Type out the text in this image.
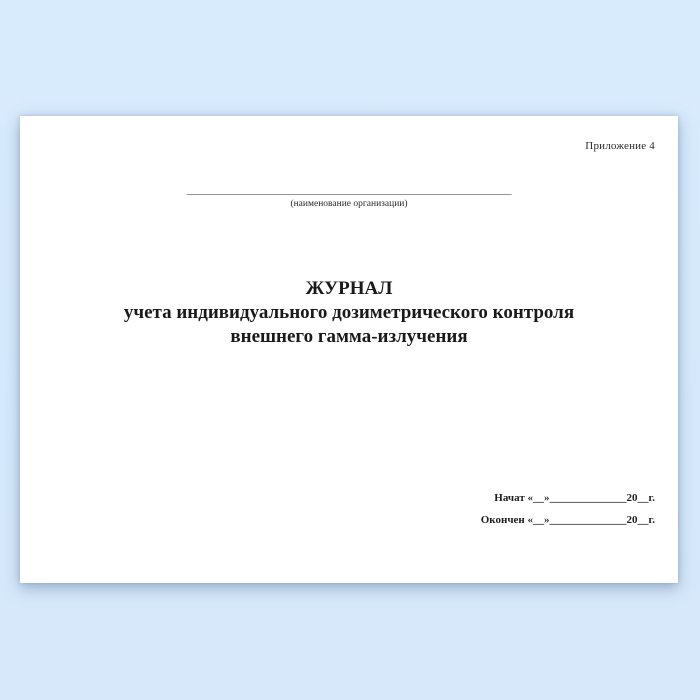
Приложение 4
_________________________________________________________________
(наименование организации)
ЖУРНАЛ
учета индивидуального дозиметрического контроля
внешнего гамма-излучения
Начат «__»______________20__г.
Окончен «__»______________20__г.
